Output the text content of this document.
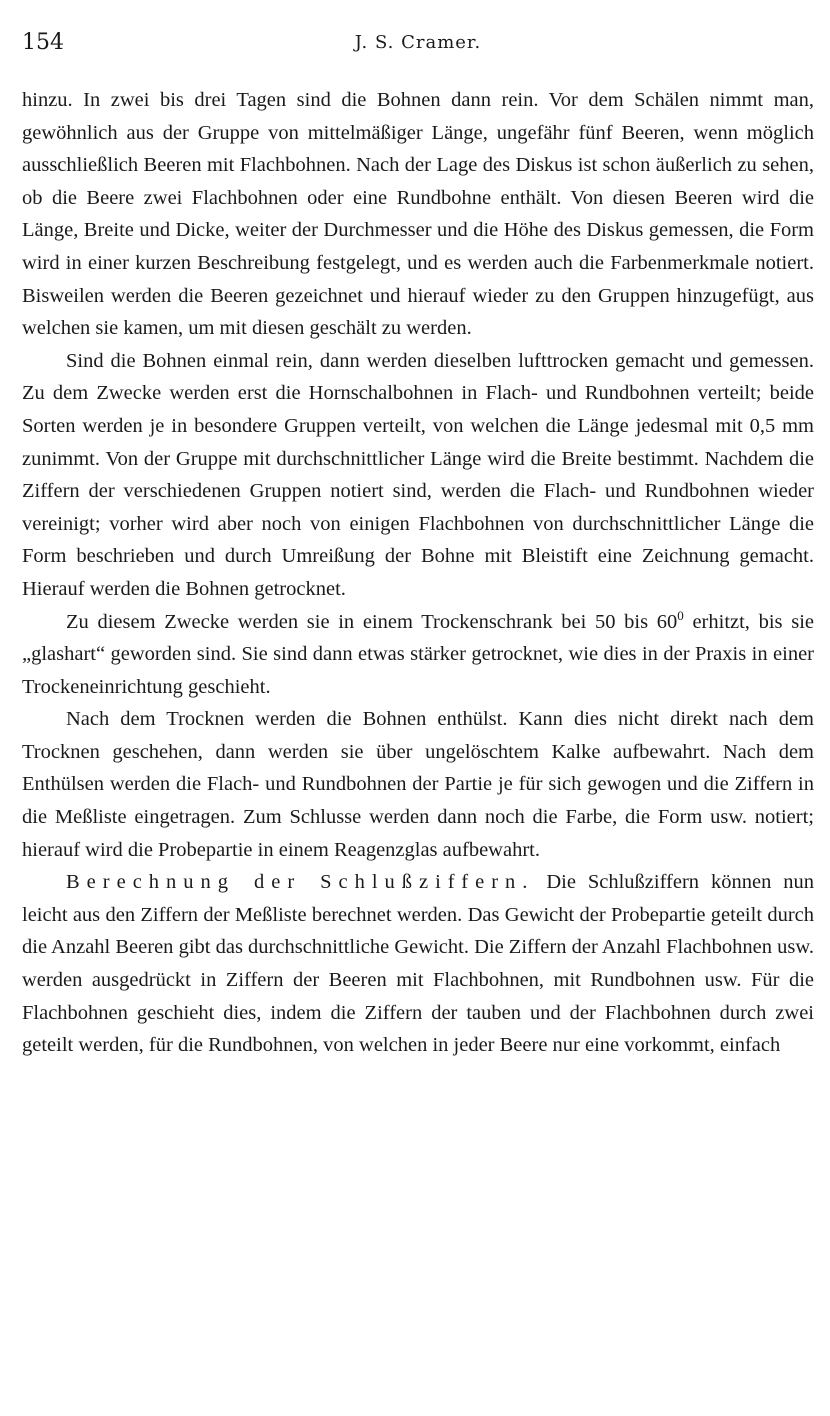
154	J. S. Cramer.

hinzu. In zwei bis drei Tagen sind die Bohnen dann rein. Vor dem Schälen nimmt man, gewöhnlich aus der Gruppe von mittelmäßiger Länge, ungefähr fünf Beeren, wenn möglich ausschließlich Beeren mit Flachbohnen. Nach der Lage des Diskus ist schon äußerlich zu sehen, ob die Beere zwei Flachbohnen oder eine Rundbohne enthält. Von diesen Beeren wird die Länge, Breite und Dicke, weiter der Durchmesser und die Höhe des Diskus gemessen, die Form wird in einer kurzen Beschreibung festgelegt, und es werden auch die Farbenmerkmale notiert. Bisweilen werden die Beeren gezeichnet und hierauf wieder zu den Gruppen hinzugefügt, aus welchen sie kamen, um mit diesen geschält zu werden.

Sind die Bohnen einmal rein, dann werden dieselben lufttrocken gemacht und gemessen. Zu dem Zwecke werden erst die Hornschalbohnen in Flach- und Rundbohnen verteilt; beide Sorten werden je in besondere Gruppen verteilt, von welchen die Länge jedesmal mit 0,5 mm zunimmt. Von der Gruppe mit durchschnittlicher Länge wird die Breite bestimmt. Nachdem die Ziffern der verschiedenen Gruppen notiert sind, werden die Flach- und Rundbohnen wieder vereinigt; vorher wird aber noch von einigen Flachbohnen von durchschnittlicher Länge die Form beschrieben und durch Umreißung der Bohne mit Bleistift eine Zeichnung gemacht. Hierauf werden die Bohnen getrocknet.

Zu diesem Zwecke werden sie in einem Trockenschrank bei 50 bis $60^0$ erhitzt, bis sie „glashart“ geworden sind. Sie sind dann etwas stärker getrocknet, wie dies in der Praxis in einer Trockeneinrichtung geschieht.

Nach dem Trocknen werden die Bohnen enthülst. Kann dies nicht direkt nach dem Trocknen geschehen, dann werden sie über ungelöschtem Kalke aufbewahrt. Nach dem Enthülsen werden die Flach- und Rundbohnen der Partie je für sich gewogen und die Ziffern in die Meßliste eingetragen. Zum Schlusse werden dann noch die Farbe, die Form usw. notiert; hierauf wird die Probepartie in einem Reagenzglas aufbewahrt.

Berechnung der Schlußziffern. Die Schlußziffern können nun leicht aus den Ziffern der Meßliste berechnet werden. Das Gewicht der Probepartie geteilt durch die Anzahl Beeren gibt das durchschnittliche Gewicht. Die Ziffern der Anzahl Flachbohnen usw. werden ausgedrückt in Ziffern der Beeren mit Flachbohnen, mit Rundbohnen usw. Für die Flachbohnen geschieht dies, indem die Ziffern der tauben und der Flachbohnen durch zwei geteilt werden, für die Rundbohnen, von welchen in jeder Beere nur eine vorkommt, einfach
